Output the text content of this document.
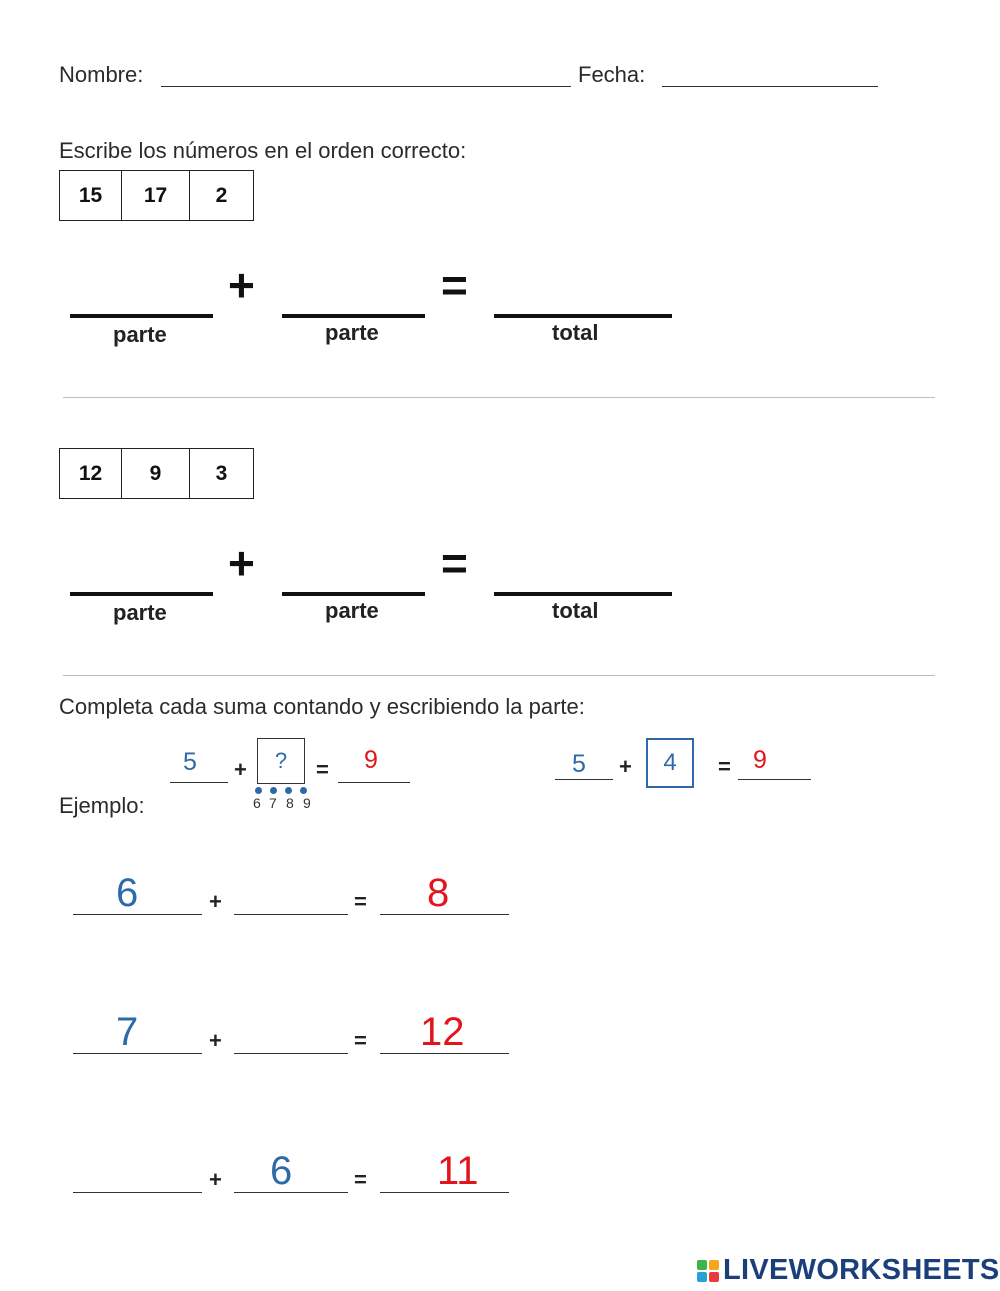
Nombre:	Fecha:
Escribe los números en el orden correcto:
15	17	2
+	=
parte	parte	total
12	9	3
+	=
parte	parte	total
Completa cada suma contando y escribiendo la parte:
5 +	?	= 9
6 7 8 9
Ejemplo:
5 +	4	= 9
6	+	= 8
7	+	= 12
+ 6	= 11
LIVEWORKSHEETS
